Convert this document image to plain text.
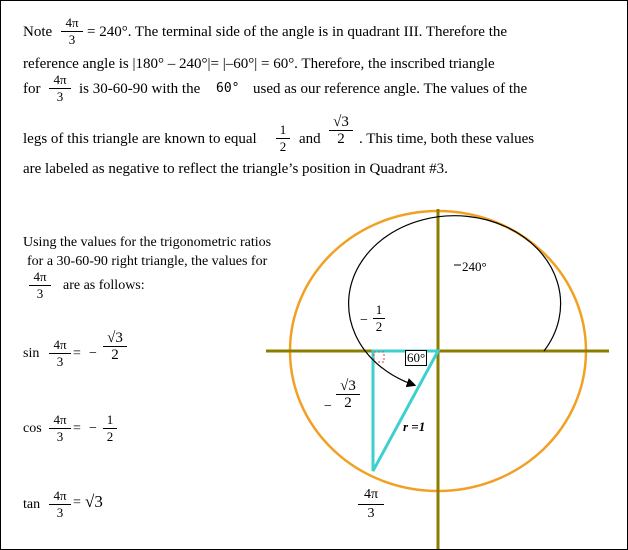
Note
4π
3 = 240°. The terminal side of the angle is in quadrant III. Therefore the
reference angle is |180° – 240°|= |–60°| = 60°. Therefore, the inscribed triangle
for
4π
3	is 30-60-90 with the 60° used as our reference angle. The values of the
legs of this triangle are known to equal
1
2 and
√3
2 . This time, both these values
are labeled as negative to reflect the triangle’s position in Quadrant #3.
Using the values for the trigonometric ratios
for a 30-60-90 right triangle, the values for
4π
3
are as follows:
sin
4π
3
= −
√3
2
cos
4π
3
= −
1
2
tan
4π
3
= √3
240°
60°
r =1
−
1
2
−
√3
2
4π
3
